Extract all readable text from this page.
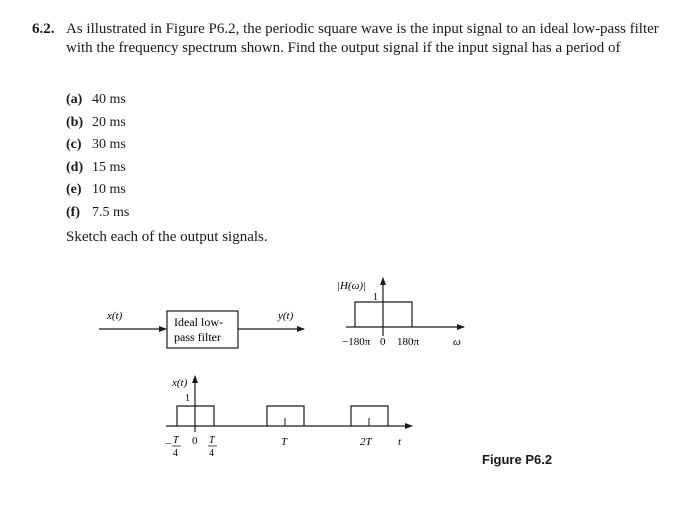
6.2. As illustrated in Figure P6.2, the periodic square wave is the input signal to an ideal low-pass filter with the frequency spectrum shown. Find the output signal if the input signal has a period of
(a) 40 ms
(b) 20 ms
(c) 30 ms
(d) 15 ms
(e) 10 ms
(f) 7.5 ms
Sketch each of the output signals.
x(t)	Ideal low-
pass filter
y(t)
|H(ω)|
1
−180π 0 180π	ω
x(t)
1
− T
4
0 T
4
T	2T t
Figure P6.2
